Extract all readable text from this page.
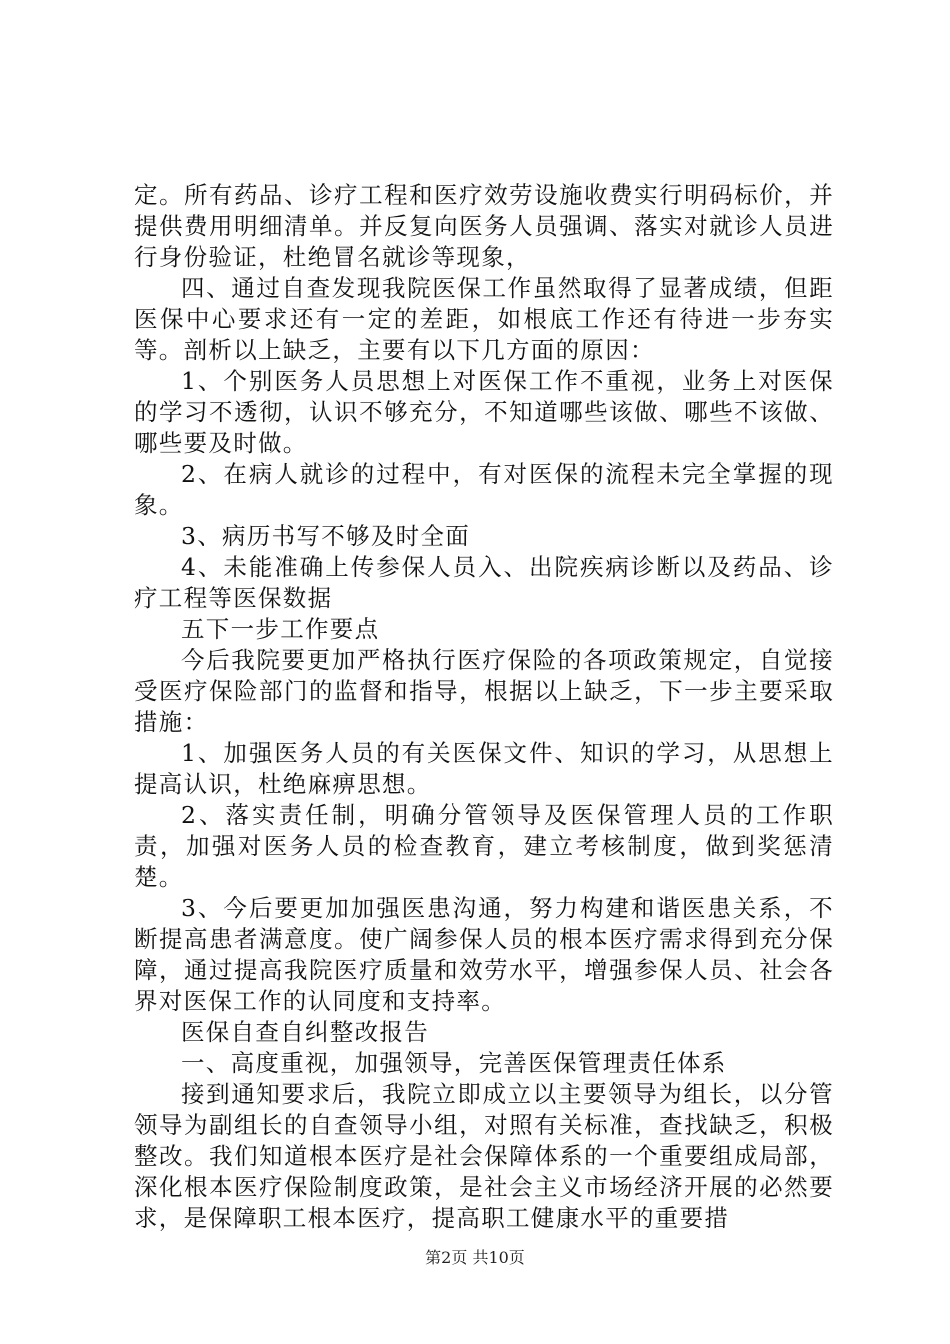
定。所有药品、诊疗工程和医疗效劳设施收费实行明码标价，并提供费用明细清单。并反复向医务人员强调、落实对就诊人员进行身份验证，杜绝冒名就诊等现象，

四、通过自查发现我院医保工作虽然取得了显著成绩，但距医保中心要求还有一定的差距，如根底工作还有待进一步夯实等。剖析以上缺乏，主要有以下几方面的原因：

1、个别医务人员思想上对医保工作不重视，业务上对医保的学习不透彻，认识不够充分，不知道哪些该做、哪些不该做、哪些要及时做。

2、在病人就诊的过程中，有对医保的流程未完全掌握的现象。

3、病历书写不够及时全面

4、未能准确上传参保人员入、出院疾病诊断以及药品、诊疗工程等医保数据

五下一步工作要点

今后我院要更加严格执行医疗保险的各项政策规定，自觉接受医疗保险部门的监督和指导，根据以上缺乏，下一步主要采取措施：

1、加强医务人员的有关医保文件、知识的学习，从思想上提高认识，杜绝麻痹思想。

2、落实责任制，明确分管领导及医保管理人员的工作职责，加强对医务人员的检查教育，建立考核制度，做到奖惩清楚。

3、今后要更加加强医患沟通，努力构建和谐医患关系，不断提高患者满意度。使广阔参保人员的根本医疗需求得到充分保障，通过提高我院医疗质量和效劳水平，增强参保人员、社会各界对医保工作的认同度和支持率。

医保自查自纠整改报告

一、高度重视，加强领导，完善医保管理责任体系

接到通知要求后，我院立即成立以主要领导为组长，以分管领导为副组长的自查领导小组，对照有关标准，查找缺乏，积极整改。我们知道根本医疗是社会保障体系的一个重要组成局部，深化根本医疗保险制度政策，是社会主义市场经济开展的必然要求，是保障职工根本医疗，提高职工健康水平的重要措

第2页 共10页
